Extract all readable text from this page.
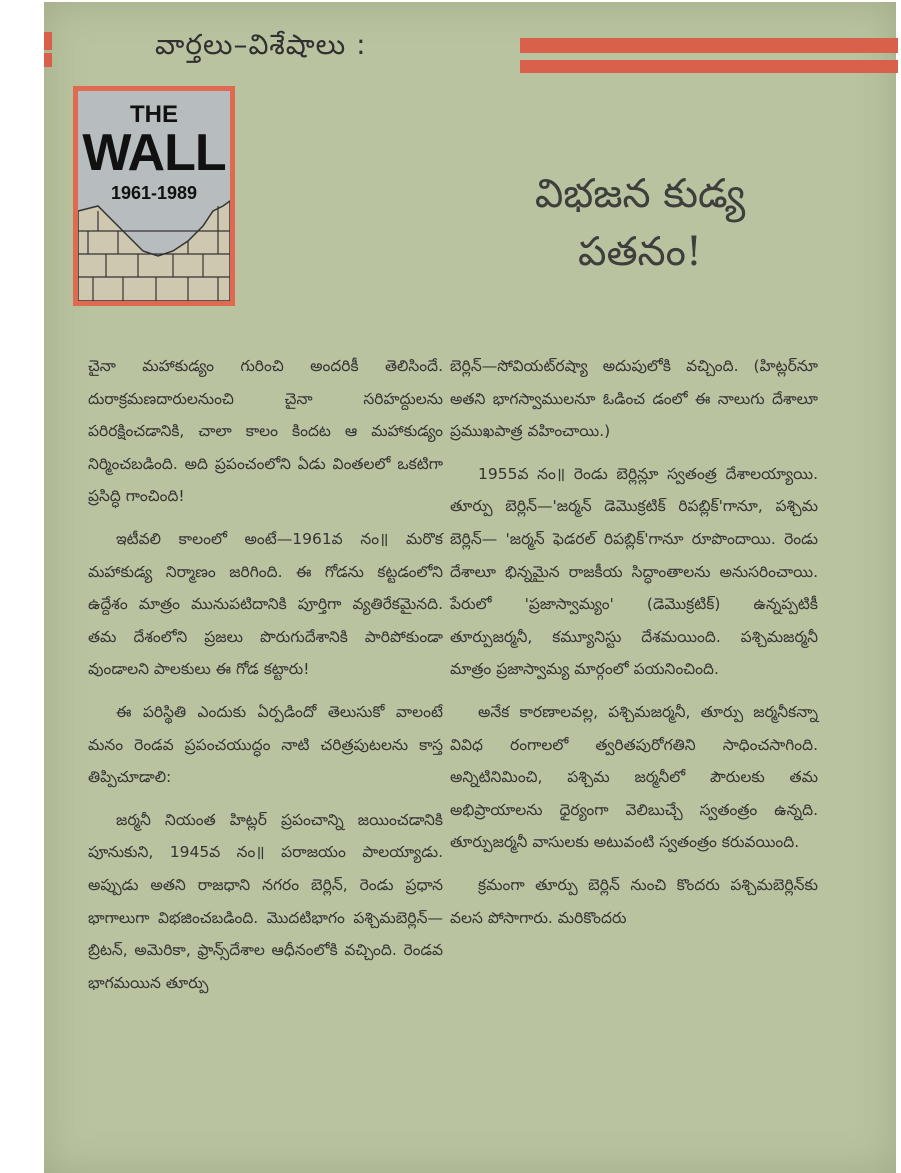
వార్తలు–విశేషాలు :
THE
WALL
1961-1989	విభజన కుడ్య
పతనం!

చైనా మహాకుడ్యం గురించి అందరికీ తెలిసిందే. దురాక్రమణదారులనుంచి చైనా సరిహద్దులను పరిరక్షించడానికి, చాలా కాలం కిందట ఆ మహాకుడ్యం నిర్మించబడింది. అది ప్రపంచంలోని ఏడు వింతలలో ఒకటిగా ప్రసిద్ధి గాంచింది!

ఇటీవలి కాలంలో అంటే—1961వ నం॥ మరొక మహాకుడ్య నిర్మాణం జరిగింది. ఈ గోడను కట్టడంలోని ఉద్దేశం మాత్రం మునుపటిదానికి పూర్తిగా వ్యతిరేకమైనది. తమ దేశంలోని ప్రజలు పొరుగుదేశానికి పారిపోకుండా వుండాలని పాలకులు ఈ గోడ కట్టారు!

ఈ పరిస్థితి ఎందుకు ఏర్పడిందో తెలుసుకో వాలంటే మనం రెండవ ప్రపంచయుద్ధం నాటి చరిత్రపుటలను కాస్త తిప్పిచూడాలి:

జర్మనీ నియంత హిట్లర్ ప్రపంచాన్ని జయించడానికి పూనుకుని, 1945వ నం॥ పరాజయం పాలయ్యాడు. అప్పుడు అతని రాజధాని నగరం బెర్లిన్, రెండు ప్రధాన భాగాలుగా విభజించబడింది. మొదటిభాగం పశ్చిమబెర్లిన్— బ్రిటన్, అమెరికా, ఫ్రాన్స్‌దేశాల ఆధీనంలోకి వచ్చింది. రెండవ భాగమయిన తూర్పు

బెర్లిన్—సోవియట్‌రష్యా అదుపులోకి వచ్చింది. (హిట్లర్‌నూ అతని భాగస్వాములనూ ఓడించ డంలో ఈ నాలుగు దేశాలూ ప్రముఖపాత్ర వహించాయి.)

1955వ నం॥ రెండు బెర్లిన్లూ స్వతంత్ర దేశాలయ్యాయి. తూర్పు బెర్లిన్—'జర్మన్ డెమొక్రటిక్ రిపబ్లిక్'గానూ, పశ్చిమ బెర్లిన్— 'జర్మన్ ఫెడరల్ రిపబ్లిక్'గానూ రూపొందాయి. రెండు దేశాలూ భిన్నమైన రాజకీయ సిద్ధాంతాలను అనుసరించాయి. పేరులో 'ప్రజాస్వామ్యం' (డెమొక్రటిక్) ఉన్నప్పటికీ తూర్పుజర్మనీ, కమ్యూనిస్టు దేశమయింది. పశ్చిమజర్మనీ మాత్రం ప్రజాస్వామ్య మార్గంలో పయనించింది.

అనేక కారణాలవల్ల, పశ్చిమజర్మనీ, తూర్పు జర్మనీకన్నా వివిధ రంగాలలో త్వరితపురోగతిని సాధించసాగింది. అన్నిటినిమించి, పశ్చిమ జర్మనీలో పౌరులకు తమ అభిప్రాయాలను ధైర్యంగా వెలిబుచ్చే స్వతంత్రం ఉన్నది. తూర్పుజర్మనీ వాసులకు అటువంటి స్వతంత్రం కరువయింది.

క్రమంగా తూర్పు బెర్లిన్ నుంచి కొందరు పశ్చిమబెర్లిన్‌కు వలస పోసాగారు. మరికొందరు
